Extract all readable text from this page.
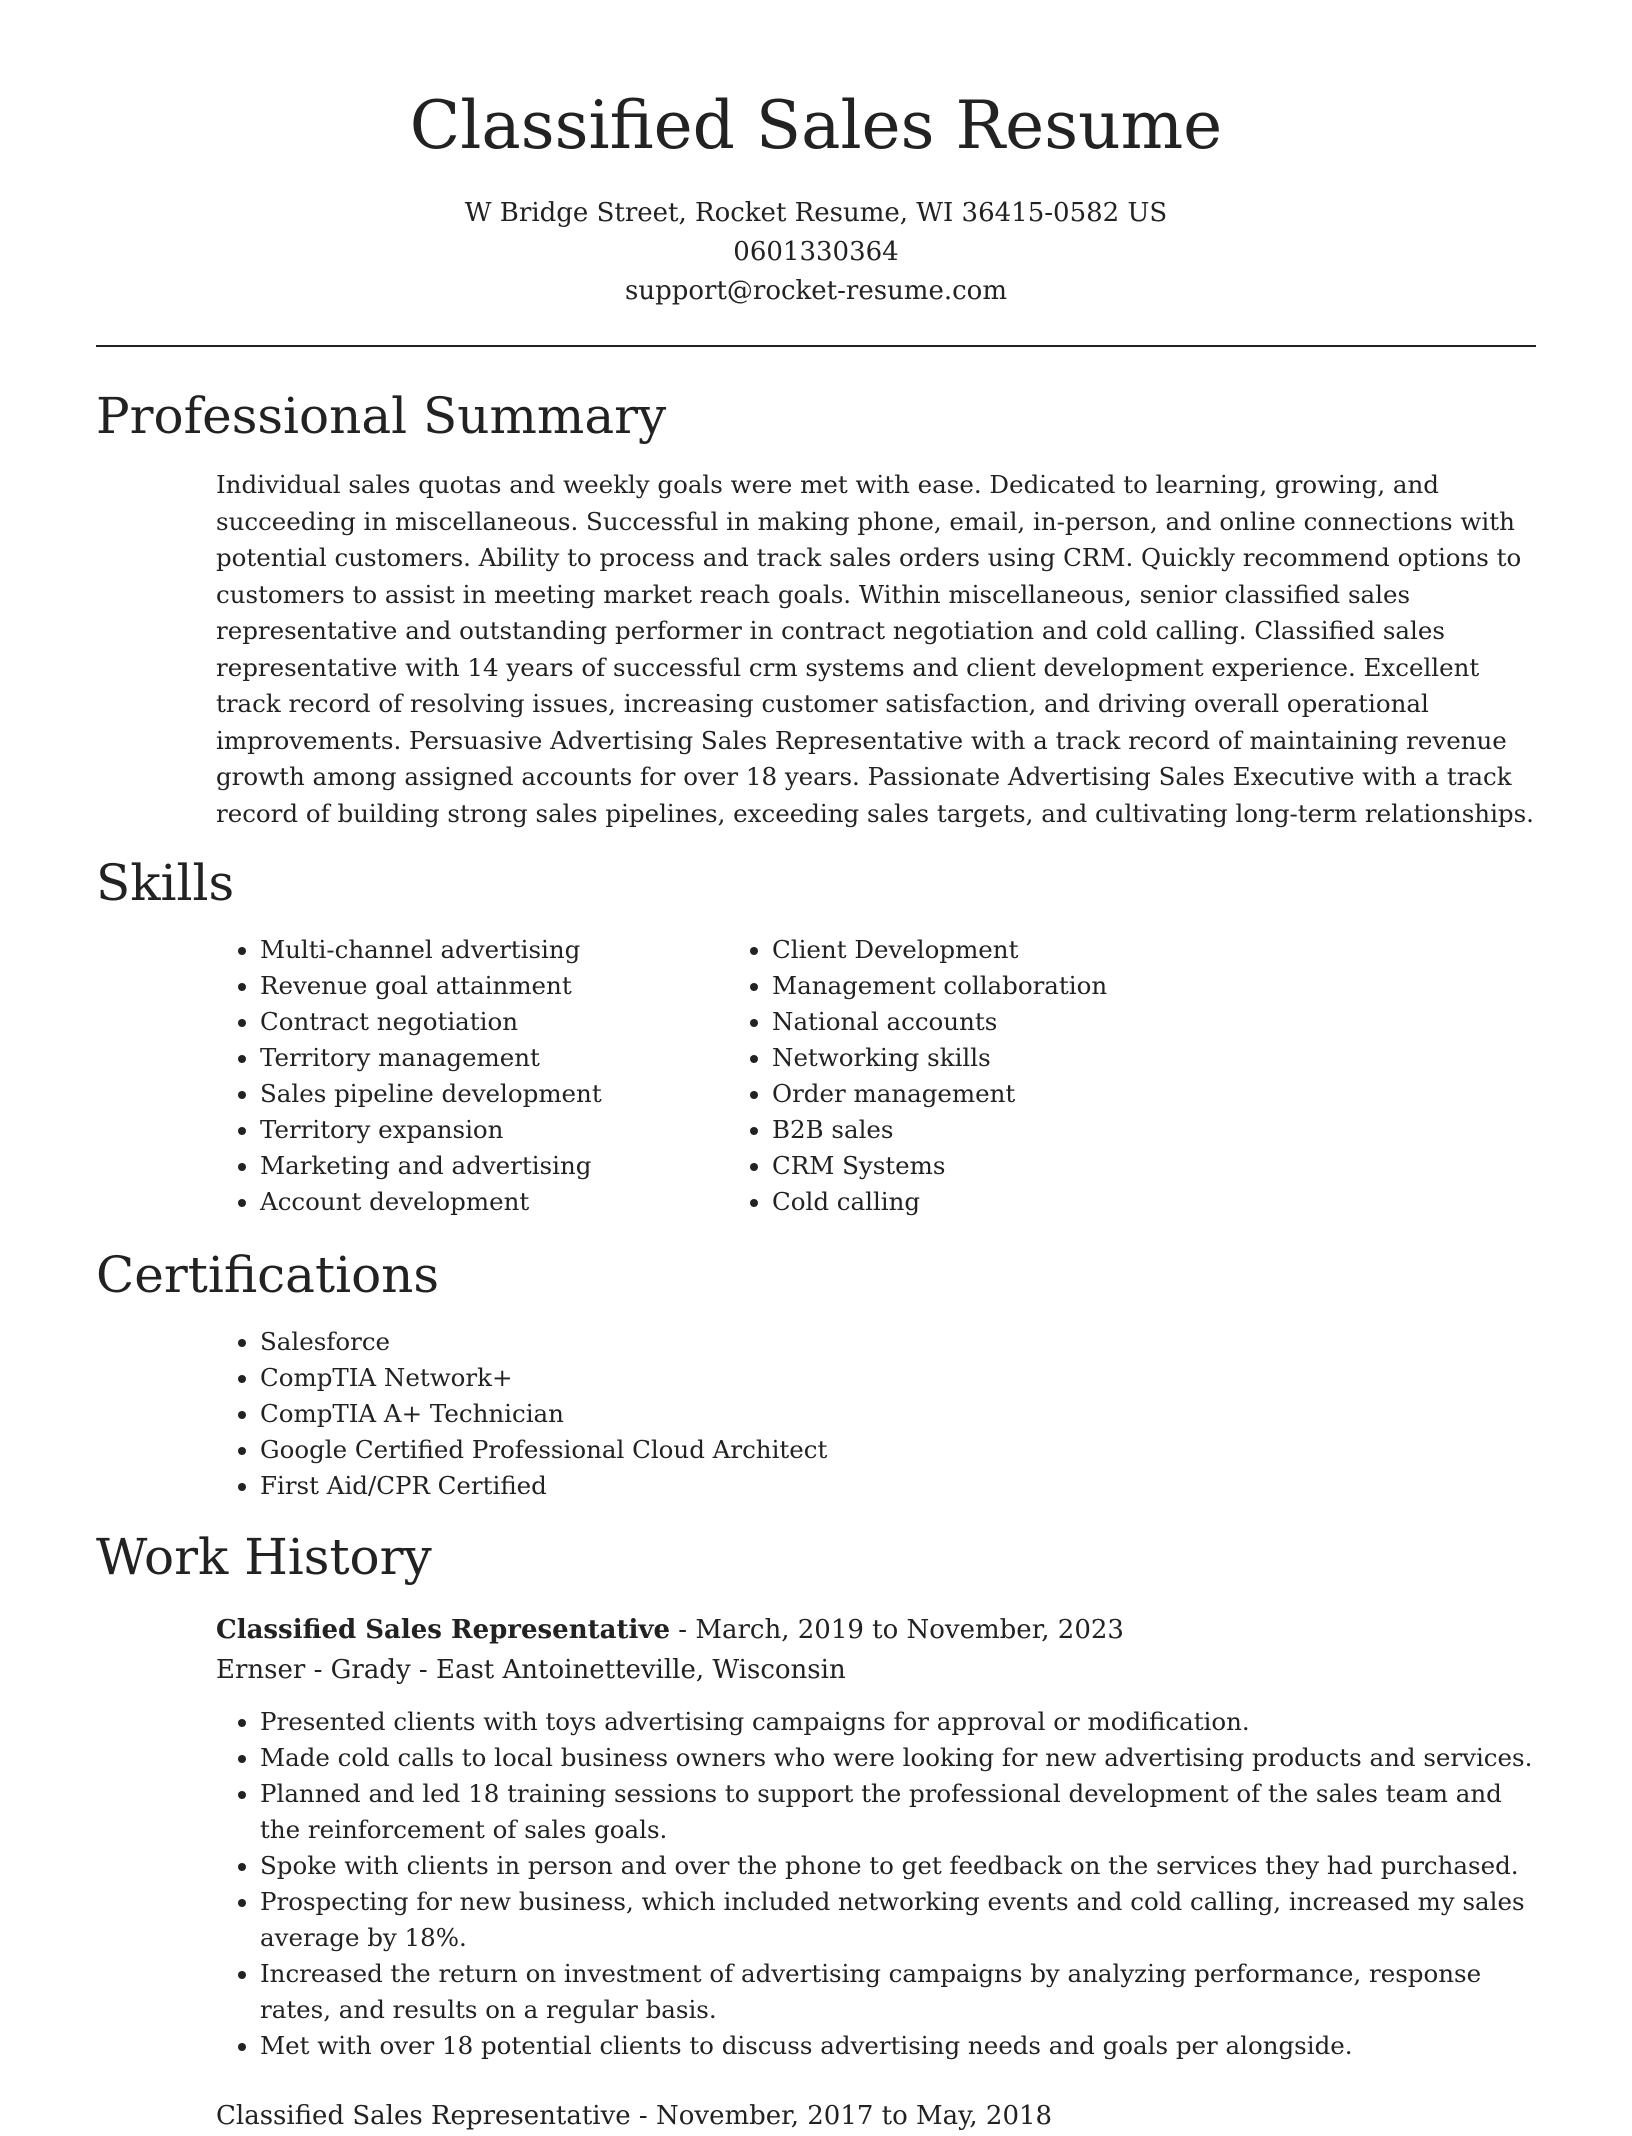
Classified Sales Resume
W Bridge Street, Rocket Resume, WI 36415-0582 US
0601330364
support@rocket-resume.com
Professional Summary

Individual sales quotas and weekly goals were met with ease. Dedicated to learning, growing, and succeeding in miscellaneous. Successful in making phone, email, in-person, and online connections with potential customers. Ability to process and track sales orders using CRM. Quickly recommend options to customers to assist in meeting market reach goals. Within miscellaneous, senior classified sales representative and outstanding performer in contract negotiation and cold calling. Classified sales representative with 14 years of successful crm systems and client development experience. Excellent track record of resolving issues, increasing customer satisfaction, and driving overall operational improvements. Persuasive Advertising Sales Representative with a track record of maintaining revenue growth among assigned accounts for over 18 years. Passionate Advertising Sales Executive with a track record of building strong sales pipelines, exceeding sales targets, and cultivating long-term relationships.

Skills
• Multi-channel advertising
• Revenue goal attainment
• Contract negotiation
• Territory management
• Sales pipeline development
• Territory expansion
• Marketing and advertising
• Account development
• Client Development
• Management collaboration
• National accounts
• Networking skills
• Order management
• B2B sales
• CRM Systems
• Cold calling
Certifications
• Salesforce
• CompTIA Network+
• CompTIA A+ Technician
• Google Certified Professional Cloud Architect
• First Aid/CPR Certified
Work History
Classified Sales Representative - March, 2019 to November, 2023
Ernser - Grady - East Antoinetteville, Wisconsin
• Presented clients with toys advertising campaigns for approval or modification.
• Made cold calls to local business owners who were looking for new advertising products and services.
• Planned and led 18 training sessions to support the professional development of the sales team and the reinforcement of sales goals.
• Spoke with clients in person and over the phone to get feedback on the services they had purchased.
• Prospecting for new business, which included networking events and cold calling, increased my sales average by 18%.
• Increased the return on investment of advertising campaigns by analyzing performance, response rates, and results on a regular basis.
• Met with over 18 potential clients to discuss advertising needs and goals per alongside.
Classified Sales Representative - November, 2017 to May, 2018
